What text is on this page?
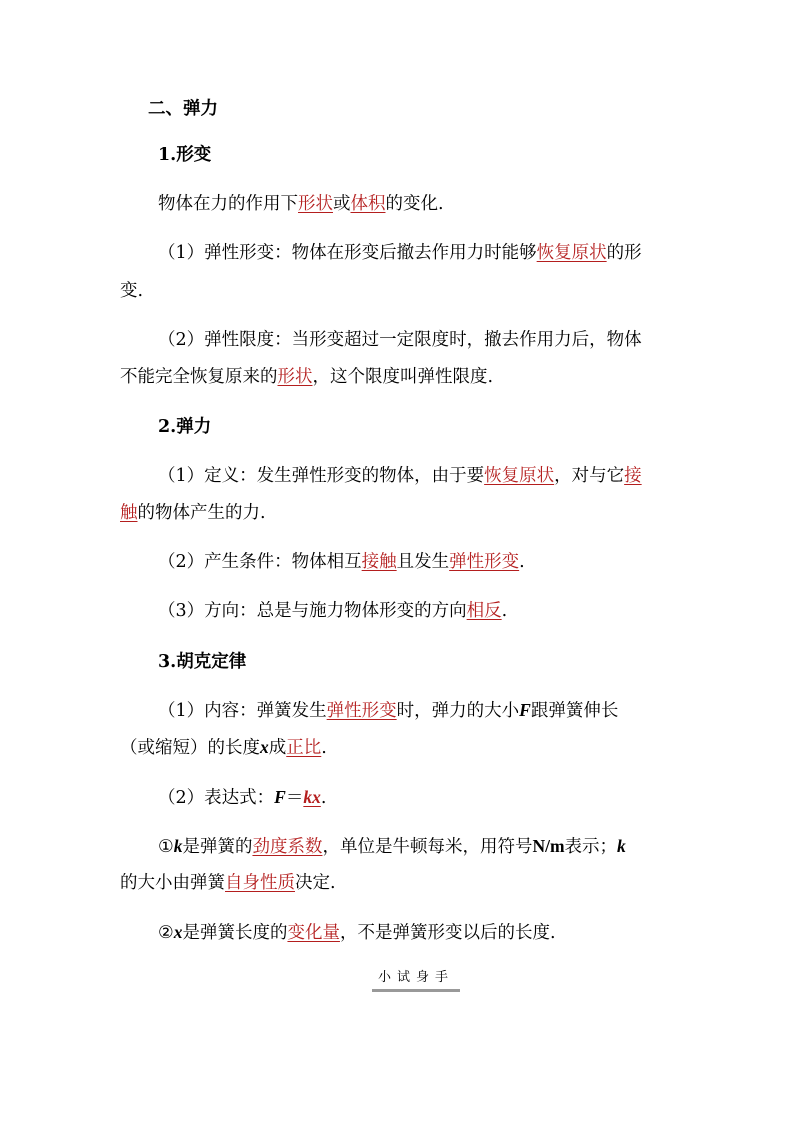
二、弹力
1.形变
物体在力的作用下形状或体积的变化.
（1）弹性形变：物体在形变后撤去作用力时能够恢复原状的形
变.
（2）弹性限度：当形变超过一定限度时，撤去作用力后，物体
不能完全恢复原来的形状，这个限度叫弹性限度.
2.弹力
（1）定义：发生弹性形变的物体，由于要恢复原状，对与它接
触的物体产生的力.
（2）产生条件：物体相互接触且发生弹性形变.
（3）方向：总是与施力物体形变的方向相反.
3.胡克定律
（1）内容：弹簧发生弹性形变时，弹力的大小F跟弹簧伸长
（或缩短）的长度x成正比.
（2）表达式：F＝kx.
①k是弹簧的劲度系数，单位是牛顿每米，用符号N/m表示；k
的大小由弹簧自身性质决定.
②x是弹簧长度的变化量，不是弹簧形变以后的长度.
小试身手
